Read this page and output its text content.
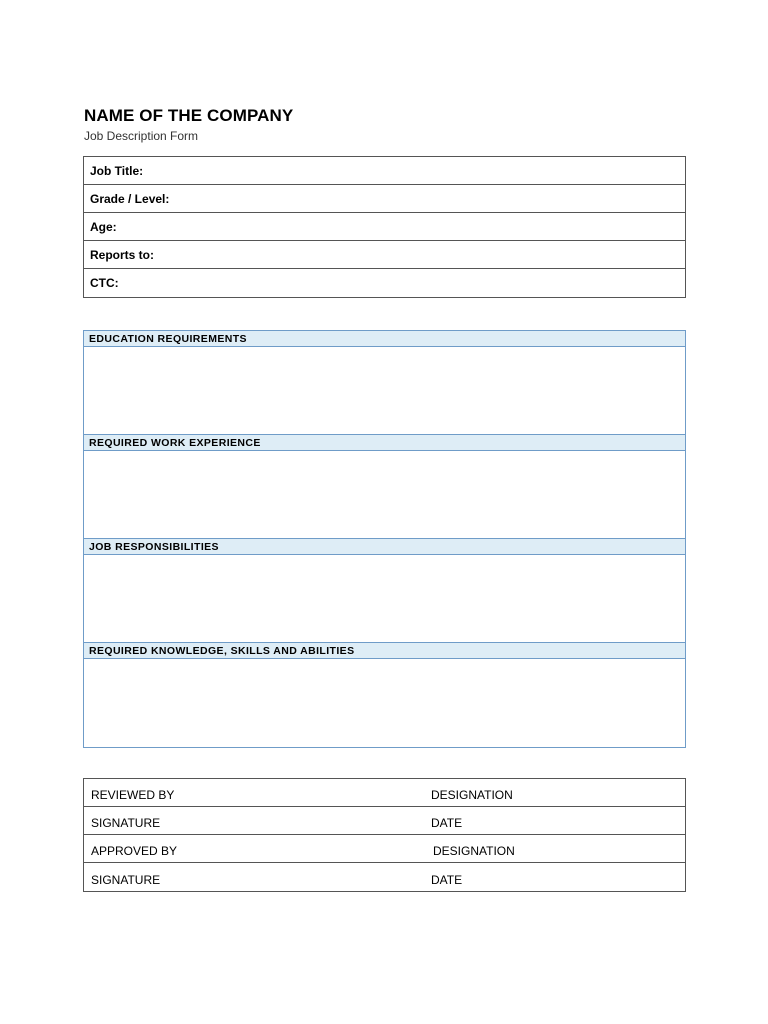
NAME OF THE COMPANY
Job Description Form
Job Title:
Grade / Level:
Age:
Reports to:
CTC:
EDUCATION REQUIREMENTS
REQUIRED WORK EXPERIENCE
JOB RESPONSIBILITIES
REQUIRED KNOWLEDGE, SKILLS AND ABILITIES
REVIEWED BY	DESIGNATION
SIGNATURE	DATE
APPROVED BY	DESIGNATION
SIGNATURE	DATE
